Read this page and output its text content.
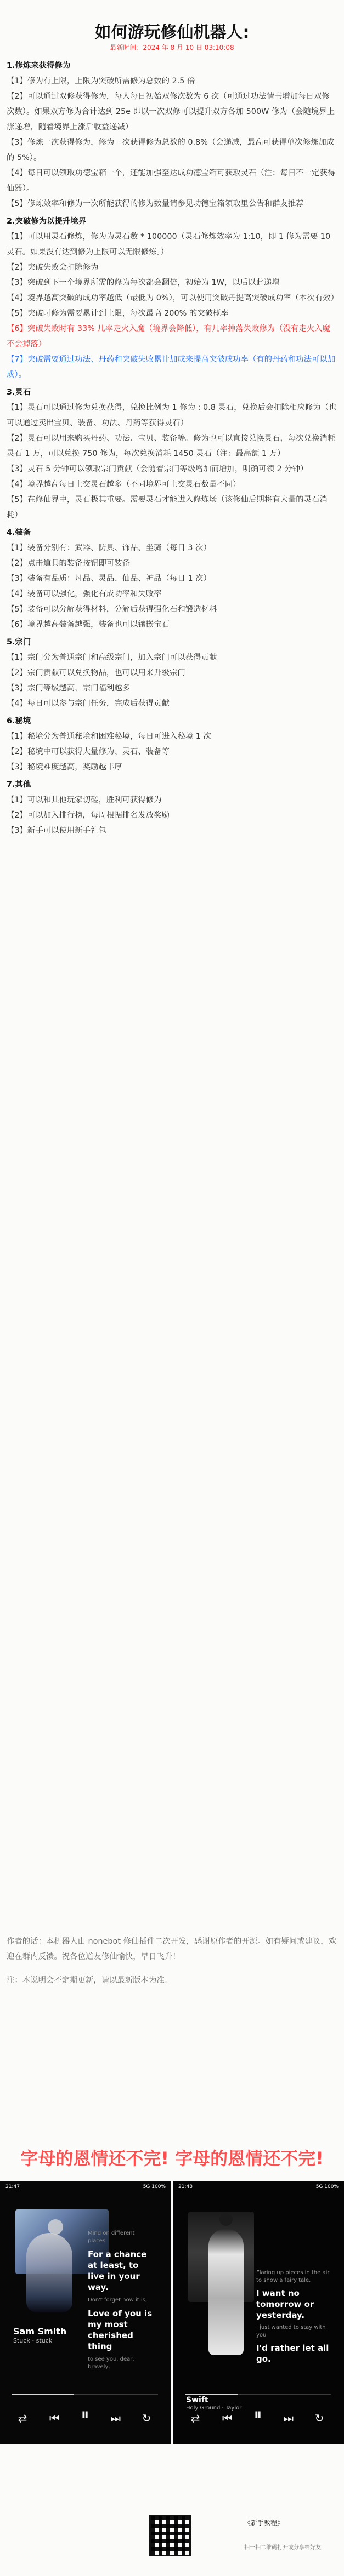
如何游玩修仙机器人:
最新时间：2024 年 8 月 10 日 03:10:08

1.修炼来获得修为

【1】修为有上限，上限为突破所需修为总数的 2.5 倍

【2】可以通过双修获得修为，每人每日初始双修次数为 6 次（可通过功法情书增加每日双修次数）。如果双方修为合计达到 25e 即以一次双修可以提升双方各加 500W 修为（会随境界上涨递增，随着境界上涨后收益递减）

【3】修炼一次获得修为，修为一次获得修为总数的 0.8%（会递减，最高可获得单次修炼加成的 5%）。

【4】每日可以领取功德宝箱一个，还能加强至达成功德宝箱可获取灵石（注：每日不一定获得仙器）。

【5】修炼效率和修为一次所能获得的修为数量请参见功德宝箱领取里公告和群友推荐

2.突破修为以提升境界

【1】可以用灵石修炼，修为为灵石数 * 100000（灵石修炼效率为 1:10，即 1 修为需要 10 灵石。如果没有达到修为上限可以无限修炼。）

【2】突破失败会扣除修为

【3】突破到下一个境界所需的修为每次都会翻倍，初始为 1W，以后以此递增

【4】境界越高突破的成功率越低（最低为 0%），可以使用突破丹提高突破成功率（本次有效）

【5】突破时修为需要累计到上限，每次最高 200% 的突破概率

【6】突破失败时有 33% 几率走火入魔（境界会降低），有几率掉落失败修为（没有走火入魔不会掉落）

【7】突破需要通过功法、丹药和突破失败累计加成来提高突破成功率（有的丹药和功法可以加成）。

3.灵石

【1】灵石可以通过修为兑换获得，兑换比例为 1 修为 : 0.8 灵石，兑换后会扣除相应修为（也可以通过卖出宝贝、装备、功法、丹药等获得灵石）

【2】灵石可以用来购买丹药、功法、宝贝、装备等。修为也可以直接兑换灵石，每次兑换消耗灵石 1 万，可以兑换 750 修为，每次兑换消耗 1450 灵石（注：最高额 1 万）

【3】灵石 5 分钟可以领取宗门贡献（会随着宗门等级增加而增加，明确可领 2 分钟）

【4】境界越高每日上交灵石越多（不同境界可上交灵石数量不同）

【5】在修仙界中，灵石极其重要。需要灵石才能进入修炼场（该修仙后期将有大量的灵石消耗）

4.装备

【1】装备分别有：武器、防具、饰品、坐骑（每日 3 次）

【2】点击道具的装备按钮即可装备

【3】装备有品质：凡品、灵品、仙品、神品（每日 1 次）

【4】装备可以强化，强化有成功率和失败率

【5】装备可以分解获得材料，分解后获得强化石和锻造材料

【6】境界越高装备越强，装备也可以镶嵌宝石

5.宗门

【1】宗门分为普通宗门和高级宗门，加入宗门可以获得贡献

【2】宗门贡献可以兑换物品，也可以用来升级宗门

【3】宗门等级越高，宗门福利越多

【4】每日可以参与宗门任务，完成后获得贡献

6.秘境

【1】秘境分为普通秘境和困难秘境，每日可进入秘境 1 次

【2】秘境中可以获得大量修为、灵石、装备等

【3】秘境难度越高，奖励越丰厚

7.其他

【1】可以和其他玩家切磋，胜利可获得修为

【2】可以加入排行榜，每周根据排名发放奖励

【3】新手可以使用新手礼包

作者的话：本机器人由 nonebot 修仙插件二次开发，感谢原作者的开源。如有疑问或建议，欢迎在群内反馈。祝各位道友修仙愉快，早日飞升！

注：本说明会不定期更新，请以最新版本为准。

字母的恩情还不完! 字母的恩情还不完!
21:47	5G 100%
Mind on different places
For a chance at least, to live in your way.
Don't forget how it is,
Love of you is my most cherished thing
to see you, dear, bravely,
Sam Smith
Stuck - stuck
⇄	⏮	⏸	⏭	↻
21:48	5G 100%
Flaring up pieces in the air to show a fairy tale.
I want no tomorrow or yesterday.
I just wanted to stay with you
I'd rather let all go.
Swift
Holy Ground · Taylor
⇄	⏮	⏸	⏭	↻
《新手教程》
扫一扫二维码打开或分享给好友
